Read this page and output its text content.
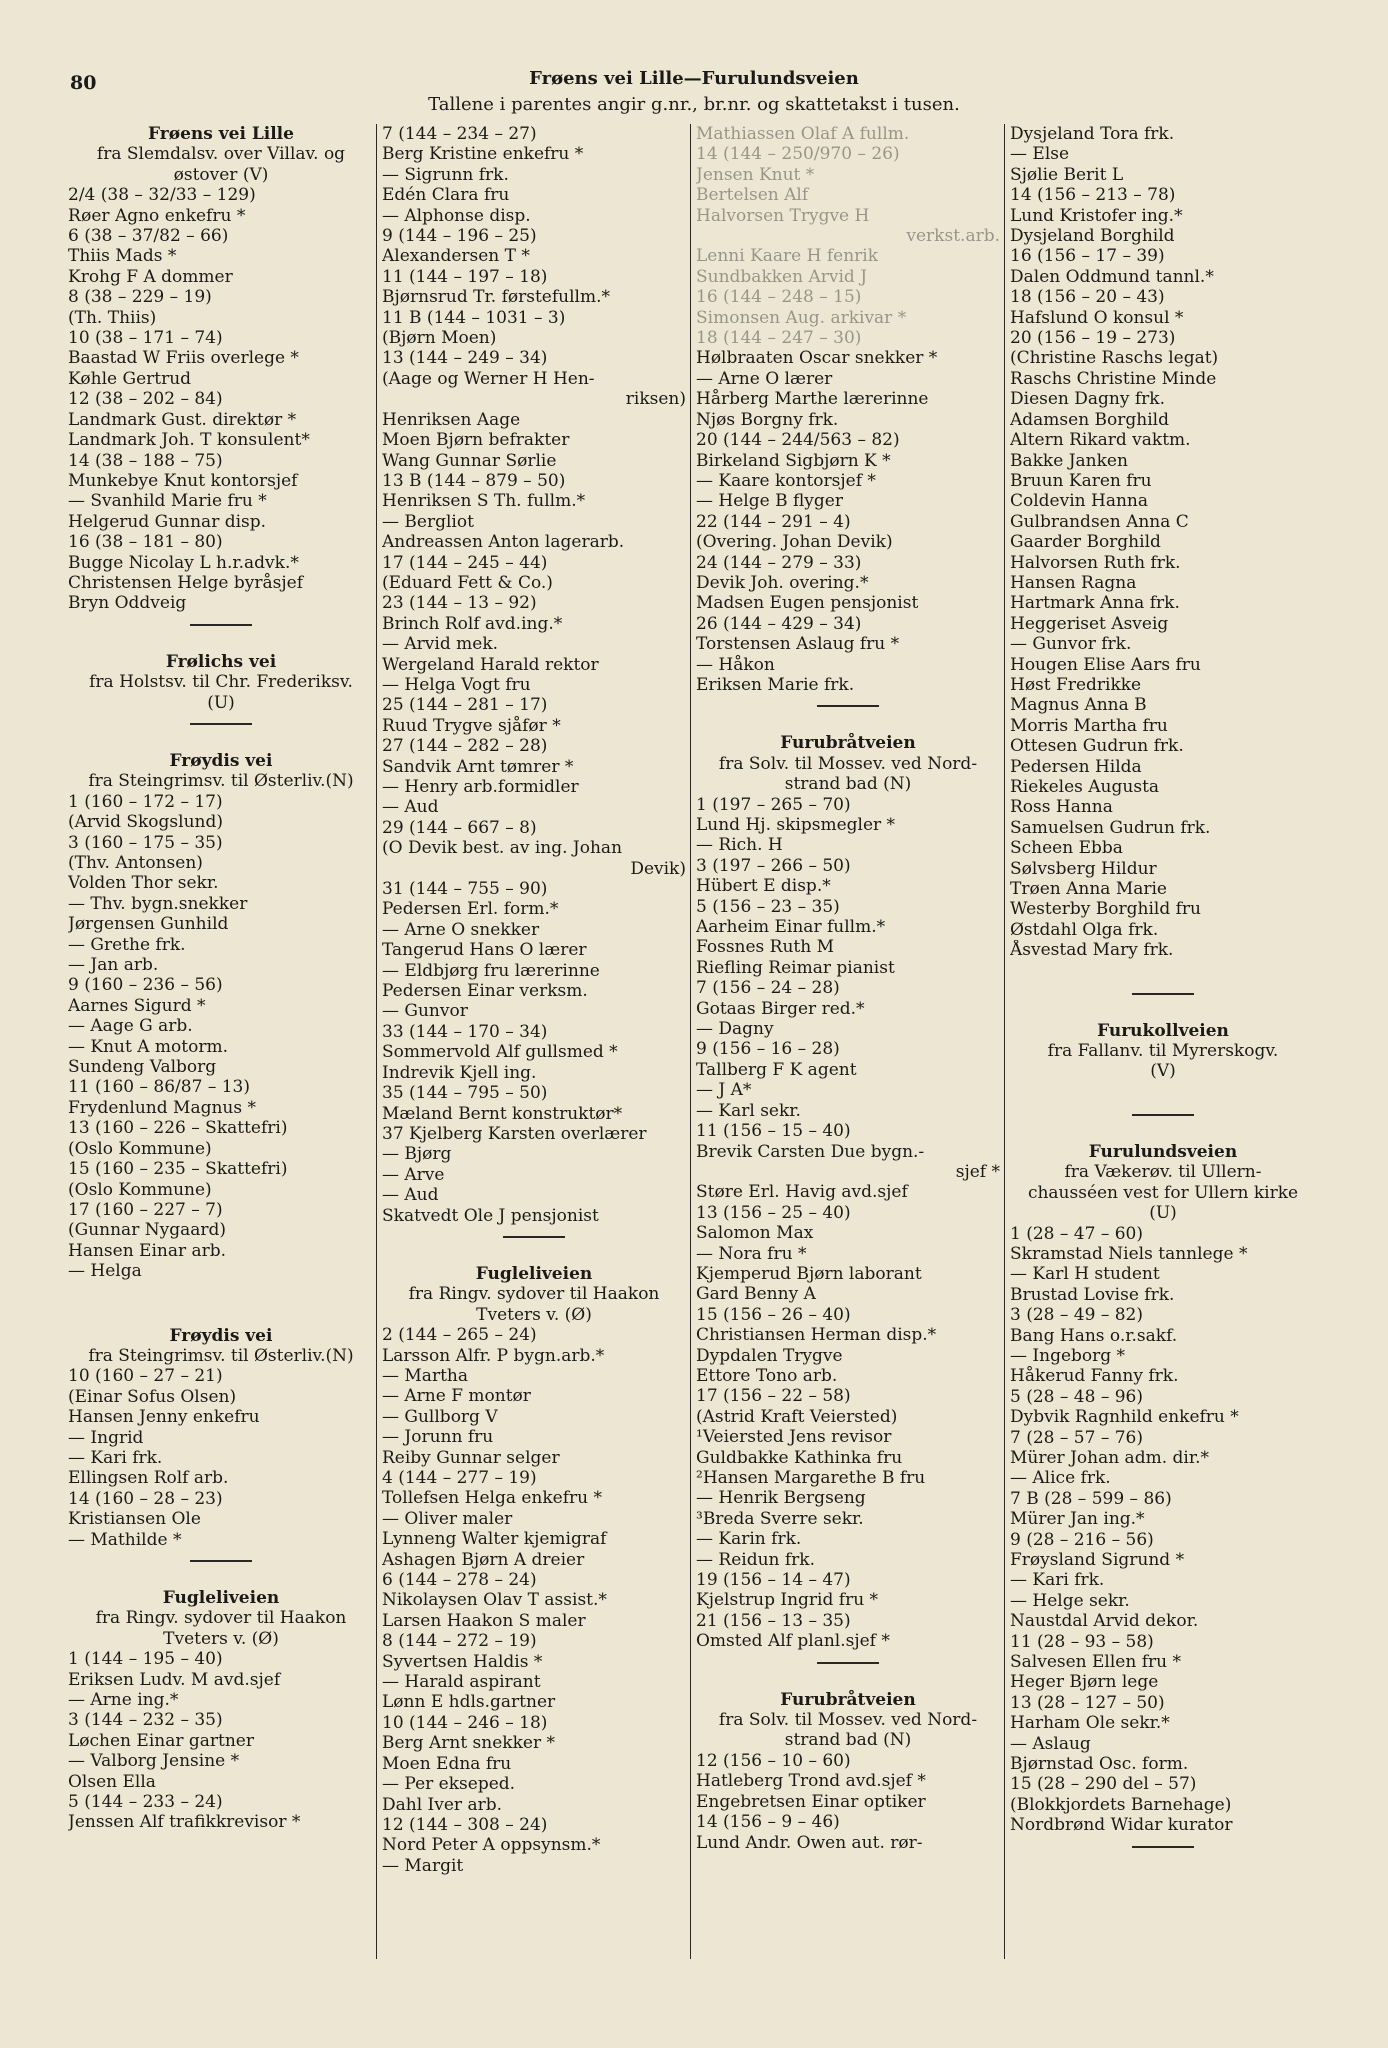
80	Frøens vei Lille—Furulundsveien
Tallene i parentes angir g.nr., br.nr. og skattetakst i tusen.
Frøens vei Lille
fra Slemdalsv. over Villav. og
østover (V)
2/4 (38 – 32/33 – 129)
Røer Agno enkefru *
6 (38 – 37/82 – 66)
Thiis Mads *
Krohg F A dommer
8 (38 – 229 – 19)
(Th. Thiis)
10 (38 – 171 – 74)
Baastad W Friis overlege *
Køhle Gertrud
12 (38 – 202 – 84)
Landmark Gust. direktør *
Landmark Joh. T konsulent*
14 (38 – 188 – 75)
Munkebye Knut kontorsjef
— Svanhild Marie fru *
Helgerud Gunnar disp.
16 (38 – 181 – 80)
Bugge Nicolay L h.r.advk.*
Christensen Helge byråsjef
Bryn Oddveig
Frølichs vei
fra Holstsv. til Chr. Frederiksv.
(U)
Frøydis vei
fra Steingrimsv. til Østerliv.(N)
1 (160 – 172 – 17)
(Arvid Skogslund)
3 (160 – 175 – 35)
(Thv. Antonsen)
Volden Thor sekr.
— Thv. bygn.snekker
Jørgensen Gunhild
— Grethe frk.
— Jan arb.
9 (160 – 236 – 56)
Aarnes Sigurd *
— Aage G arb.
— Knut A motorm.
Sundeng Valborg
11 (160 – 86/87 – 13)
Frydenlund Magnus *
13 (160 – 226 – Skattefri)
(Oslo Kommune)
15 (160 – 235 – Skattefri)
(Oslo Kommune)
17 (160 – 227 – 7)
(Gunnar Nygaard)
Hansen Einar arb.
— Helga
Frøydis vei
fra Steingrimsv. til Østerliv.(N)
10 (160 – 27 – 21)
(Einar Sofus Olsen)
Hansen Jenny enkefru
— Ingrid
— Kari frk.
Ellingsen Rolf arb.
14 (160 – 28 – 23)
Kristiansen Ole
— Mathilde *
Fugleliveien
fra Ringv. sydover til Haakon
Tveters v. (Ø)
1 (144 – 195 – 40)
Eriksen Ludv. M avd.sjef
— Arne ing.*
3 (144 – 232 – 35)
Løchen Einar gartner
— Valborg Jensine *
Olsen Ella
5 (144 – 233 – 24)
Jenssen Alf trafikkrevisor *
7 (144 – 234 – 27)
Berg Kristine enkefru *
— Sigrunn frk.
Edén Clara fru
— Alphonse disp.
9 (144 – 196 – 25)
Alexandersen T *
11 (144 – 197 – 18)
Bjørnsrud Tr. førstefullm.*
11 B (144 – 1031 – 3)
(Bjørn Moen)
13 (144 – 249 – 34)
(Aage og Werner H Hen-
riksen)
Henriksen Aage
Moen Bjørn befrakter
Wang Gunnar Sørlie
13 B (144 – 879 – 50)
Henriksen S Th. fullm.*
— Bergliot
Andreassen Anton lagerarb.
17 (144 – 245 – 44)
(Eduard Fett & Co.)
23 (144 – 13 – 92)
Brinch Rolf avd.ing.*
— Arvid mek.
Wergeland Harald rektor
— Helga Vogt fru
25 (144 – 281 – 17)
Ruud Trygve sjåfør *
27 (144 – 282 – 28)
Sandvik Arnt tømrer *
— Henry arb.formidler
— Aud
29 (144 – 667 – 8)
(O Devik best. av ing. Johan
Devik)
31 (144 – 755 – 90)
Pedersen Erl. form.*
— Arne O snekker
Tangerud Hans O lærer
— Eldbjørg fru lærerinne
Pedersen Einar verksm.
— Gunvor
33 (144 – 170 – 34)
Sommervold Alf gullsmed *
Indrevik Kjell ing.
35 (144 – 795 – 50)
Mæland Bernt konstruktør*
37 Kjelberg Karsten overlærer
— Bjørg
— Arve
— Aud
Skatvedt Ole J pensjonist
Fugleliveien
fra Ringv. sydover til Haakon
Tveters v. (Ø)
2 (144 – 265 – 24)
Larsson Alfr. P bygn.arb.*
— Martha
— Arne F montør
— Gullborg V
— Jorunn fru
Reiby Gunnar selger
4 (144 – 277 – 19)
Tollefsen Helga enkefru *
— Oliver maler
Lynneng Walter kjemigraf
Ashagen Bjørn A dreier
6 (144 – 278 – 24)
Nikolaysen Olav T assist.*
Larsen Haakon S maler
8 (144 – 272 – 19)
Syvertsen Haldis *
— Harald aspirant
Lønn E hdls.gartner
10 (144 – 246 – 18)
Berg Arnt snekker *
Moen Edna fru
— Per ekseped.
Dahl Iver arb.
12 (144 – 308 – 24)
Nord Peter A oppsynsm.*
— Margit
Mathiassen Olaf A fullm.
14 (144 – 250/970 – 26)
Jensen Knut *
Bertelsen Alf
Halvorsen Trygve H
verkst.arb.
Lenni Kaare H fenrik
Sundbakken Arvid J
16 (144 – 248 – 15)
Simonsen Aug. arkivar *
18 (144 – 247 – 30)
Hølbraaten Oscar snekker *
— Arne O lærer
Hårberg Marthe lærerinne
Njøs Borgny frk.
20 (144 – 244/563 – 82)
Birkeland Sigbjørn K *
— Kaare kontorsjef *
— Helge B flyger
22 (144 – 291 – 4)
(Overing. Johan Devik)
24 (144 – 279 – 33)
Devik Joh. overing.*
Madsen Eugen pensjonist
26 (144 – 429 – 34)
Torstensen Aslaug fru *
— Håkon
Eriksen Marie frk.
Furubråtveien
fra Solv. til Mossev. ved Nord-
strand bad (N)
1 (197 – 265 – 70)
Lund Hj. skipsmegler *
— Rich. H
3 (197 – 266 – 50)
Hübert E disp.*
5 (156 – 23 – 35)
Aarheim Einar fullm.*
Fossnes Ruth M
Riefling Reimar pianist
7 (156 – 24 – 28)
Gotaas Birger red.*
— Dagny
9 (156 – 16 – 28)
Tallberg F K agent
— J A*
— Karl sekr.
11 (156 – 15 – 40)
Brevik Carsten Due bygn.-
sjef *
Støre Erl. Havig avd.sjef
13 (156 – 25 – 40)
Salomon Max
— Nora fru *
Kjemperud Bjørn laborant
Gard Benny A
15 (156 – 26 – 40)
Christiansen Herman disp.*
Dypdalen Trygve
Ettore Tono arb.
17 (156 – 22 – 58)
(Astrid Kraft Veiersted)
¹Veiersted Jens revisor
Guldbakke Kathinka fru
²Hansen Margarethe B fru
— Henrik Bergseng
³Breda Sverre sekr.
— Karin frk.
— Reidun frk.
19 (156 – 14 – 47)
Kjelstrup Ingrid fru *
21 (156 – 13 – 35)
Omsted Alf planl.sjef *
Furubråtveien
fra Solv. til Mossev. ved Nord-
strand bad (N)
12 (156 – 10 – 60)
Hatleberg Trond avd.sjef *
Engebretsen Einar optiker
14 (156 – 9 – 46)
Lund Andr. Owen aut. rør-
Dysjeland Tora frk.
— Else
Sjølie Berit L
14 (156 – 213 – 78)
Lund Kristofer ing.*
Dysjeland Borghild
16 (156 – 17 – 39)
Dalen Oddmund tannl.*
18 (156 – 20 – 43)
Hafslund O konsul *
20 (156 – 19 – 273)
(Christine Raschs legat)
Raschs Christine Minde
Diesen Dagny frk.
Adamsen Borghild
Altern Rikard vaktm.
Bakke Janken
Bruun Karen fru
Coldevin Hanna
Gulbrandsen Anna C
Gaarder Borghild
Halvorsen Ruth frk.
Hansen Ragna
Hartmark Anna frk.
Heggeriset Asveig
— Gunvor frk.
Hougen Elise Aars fru
Høst Fredrikke
Magnus Anna B
Morris Martha fru
Ottesen Gudrun frk.
Pedersen Hilda
Riekeles Augusta
Ross Hanna
Samuelsen Gudrun frk.
Scheen Ebba
Sølvsberg Hildur
Trøen Anna Marie
Westerby Borghild fru
Østdahl Olga frk.
Åsvestad Mary frk.
Furukollveien
fra Fallanv. til Myrerskogv.
(V)
Furulundsveien
fra Vækerøv. til Ullern-
chausséen vest for Ullern kirke
(U)
1 (28 – 47 – 60)
Skramstad Niels tannlege *
— Karl H student
Brustad Lovise frk.
3 (28 – 49 – 82)
Bang Hans o.r.sakf.
— Ingeborg *
Håkerud Fanny frk.
5 (28 – 48 – 96)
Dybvik Ragnhild enkefru *
7 (28 – 57 – 76)
Mürer Johan adm. dir.*
— Alice frk.
7 B (28 – 599 – 86)
Mürer Jan ing.*
9 (28 – 216 – 56)
Frøysland Sigrund *
— Kari frk.
— Helge sekr.
Naustdal Arvid dekor.
11 (28 – 93 – 58)
Salvesen Ellen fru *
Heger Bjørn lege
13 (28 – 127 – 50)
Harham Ole sekr.*
— Aslaug
Bjørnstad Osc. form.
15 (28 – 290 del – 57)
(Blokkjordets Barnehage)
Nordbrønd Widar kurator
